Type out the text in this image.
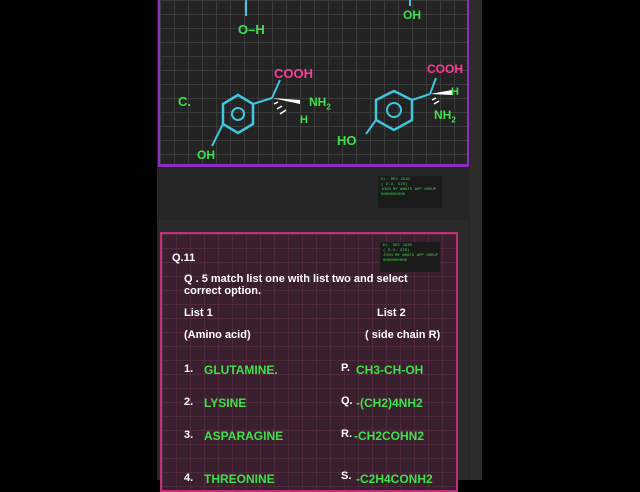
O–H
OH
C.
COOH
$NH_2$
H
OH
COOH
H
$NH_2$
HO
Er. DEV JAIN
( D.U. SIR)
JOIN MY WHATS APP GROUP
9000000000
Er. DEV JAIN
( D.U. SIR)
JOIN MY WHATS APP GROUP
9000000000
Q.11
Q . 5 match list one with list two and select
correct option.
List 1	List 2
(Amino acid)	( side chain R)
1. GLUTAMINE.
2. LYSINE
3. ASPARAGINE
4. THREONINE
P. CH3-CH-OH
Q. -(CH2)4NH2
R. -CH2COHN2
S. -C2H4CONH2
